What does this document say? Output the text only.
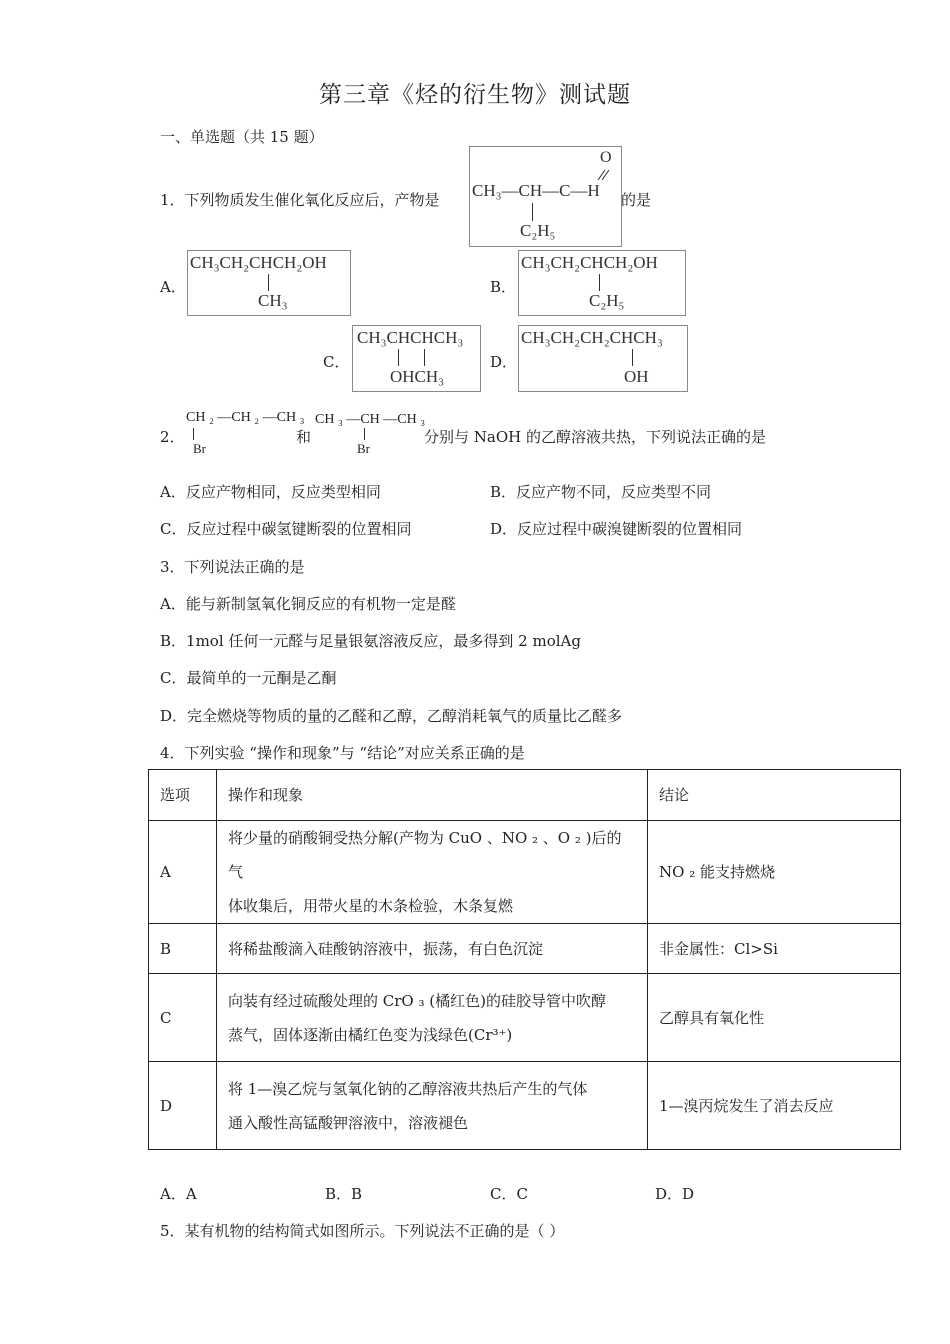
第三章《烃的衍生物》测试题
一、单选题（共 15 题）
1．下列物质发生催化氧化反应后，产物是
O
CH₃—CH—C—H
C₂H₅
的是
A．
CH₃CH₂CHCH₂OH
CH₃
B．
CH₃CH₂CHCH₂OH
C₂H₅
C．
CH₃CHCHCH₃
OHCH₃
D．
CH₃CH₂CH₂CHCH₃
OH
2．
CH ₂ —CH ₂ —CH ₃
Br
和
CH ₃ —CH —CH ₃
Br
分别与 NaOH 的乙醇溶液共热，下列说法正确的是
A．反应产物相同，反应类型相同	B．反应产物不同，反应类型不同
C．反应过程中碳氢键断裂的位置相同	D．反应过程中碳溴键断裂的位置相同
3．下列说法正确的是
A．能与新制氢氧化铜反应的有机物一定是醛
B．1mol 任何一元醛与足量银氨溶液反应，最多得到 2 molAg
C．最简单的一元酮是乙酮
D．完全燃烧等物质的量的乙醛和乙醇，乙醇消耗氧气的质量比乙醛多
4．下列实验 “操作和现象”与 “结论”对应关系正确的是
选项	操作和现象	结论
A	将少量的硝酸铜受热分解(产物为 CuO 、NO ₂ 、O ₂ )后的气
体收集后，用带火星的木条检验，木条复燃	NO ₂ 能支持燃烧
B	将稀盐酸滴入硅酸钠溶液中，振荡，有白色沉淀	非金属性：Cl>Si
C	向装有经过硫酸处理的 CrO ₃ (橘红色)的硅胶导管中吹醇
蒸气，固体逐渐由橘红色变为浅绿色(Cr³⁺)	乙醇具有氧化性
D	将 1—溴乙烷与氢氧化钠的乙醇溶液共热后产生的气体
通入酸性高锰酸钾溶液中，溶液褪色	1—溴丙烷发生了消去反应
A．A	B．B	C．C	D．D
5．某有机物的结构简式如图所示。下列说法不正确的是（ ）
